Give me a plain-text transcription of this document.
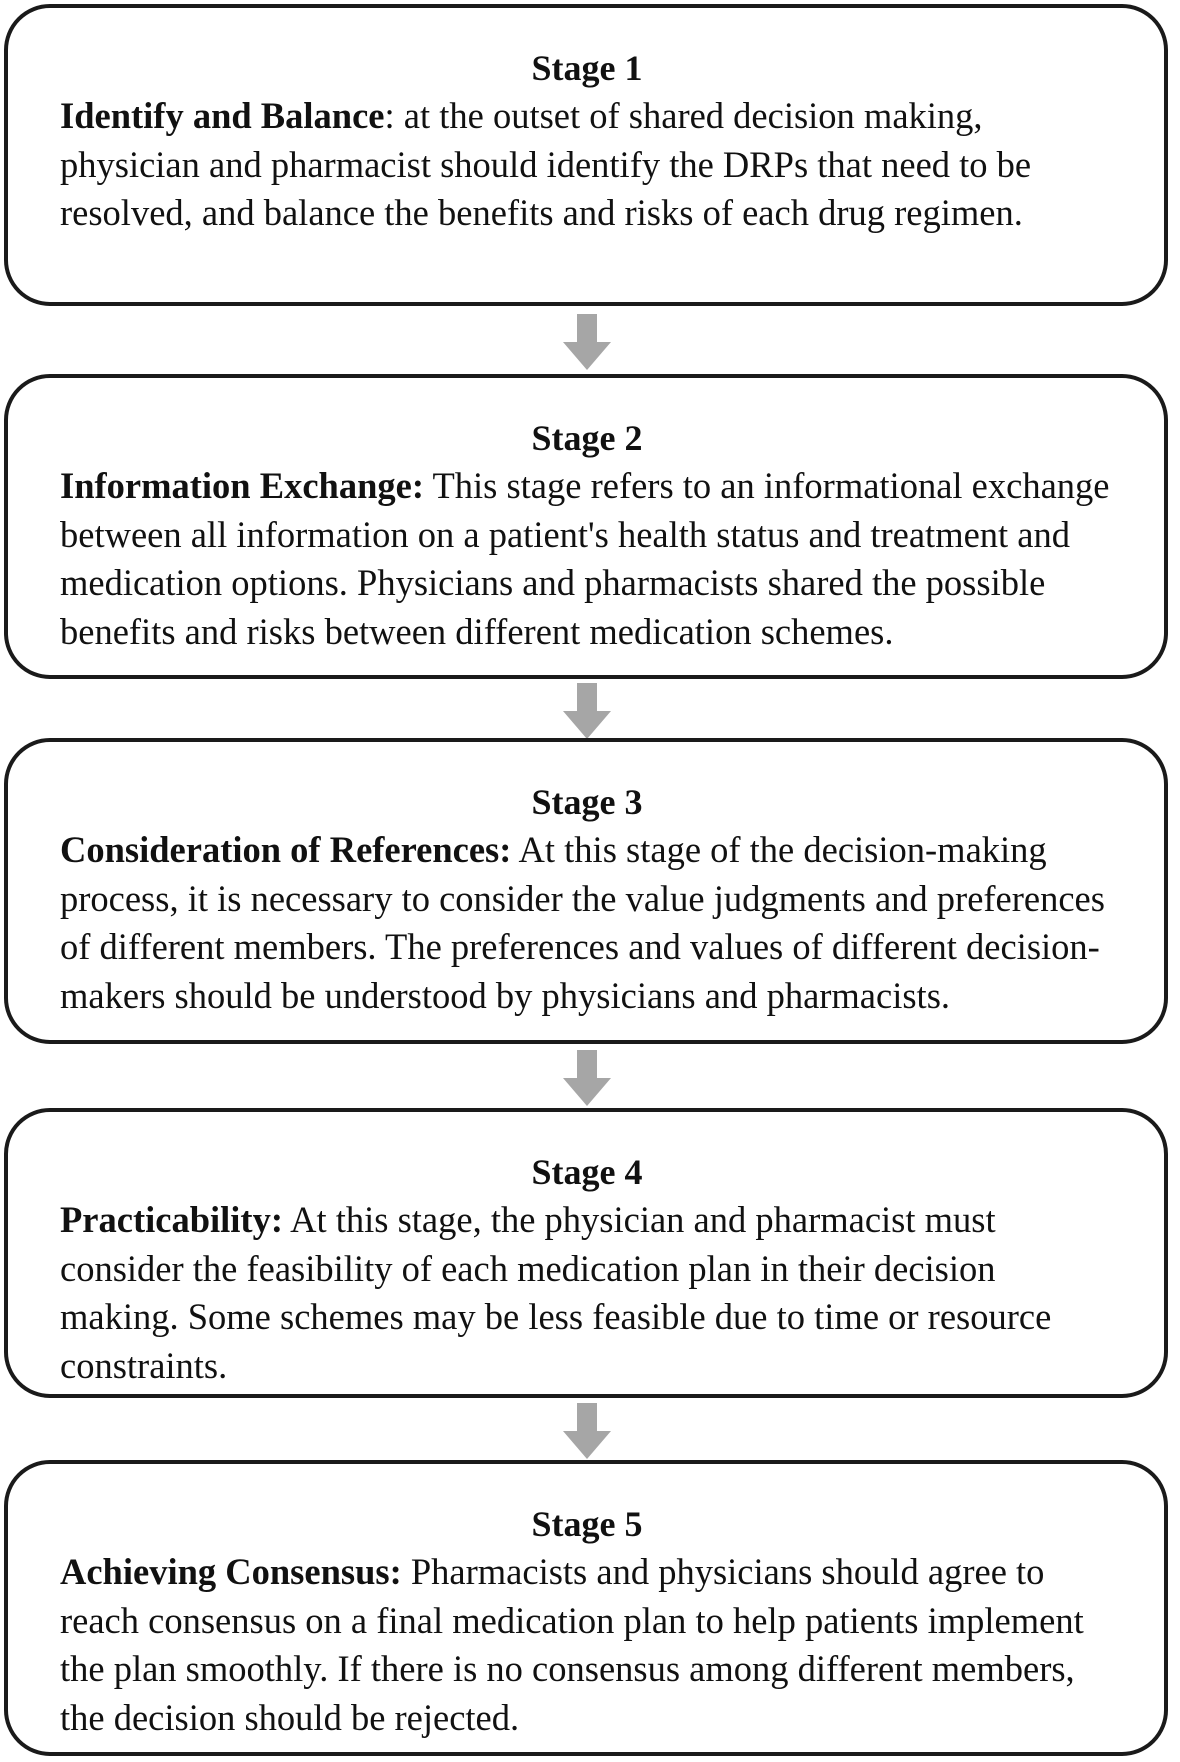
Stage 1

Identify and Balance: at the outset of shared decision making, physician and pharmacist should identify the DRPs that need to be resolved, and balance the benefits and risks of each drug regimen.

Stage 2

Information Exchange: This stage refers to an informational exchange between all information on a patient's health status and treatment and medication options. Physicians and pharmacists shared the possible benefits and risks between different medication schemes.

Stage 3

Consideration of References: At this stage of the decision-making process, it is necessary to consider the value judgments and preferences of different members. The preferences and values of different decision-makers should be understood by physicians and pharmacists.

Stage 4

Practicability: At this stage, the physician and pharmacist must consider the feasibility of each medication plan in their decision making. Some schemes may be less feasible due to time or resource constraints.

Stage 5

Achieving Consensus: Pharmacists and physicians should agree to reach consensus on a final medication plan to help patients implement the plan smoothly. If there is no consensus among different members, the decision should be rejected.
